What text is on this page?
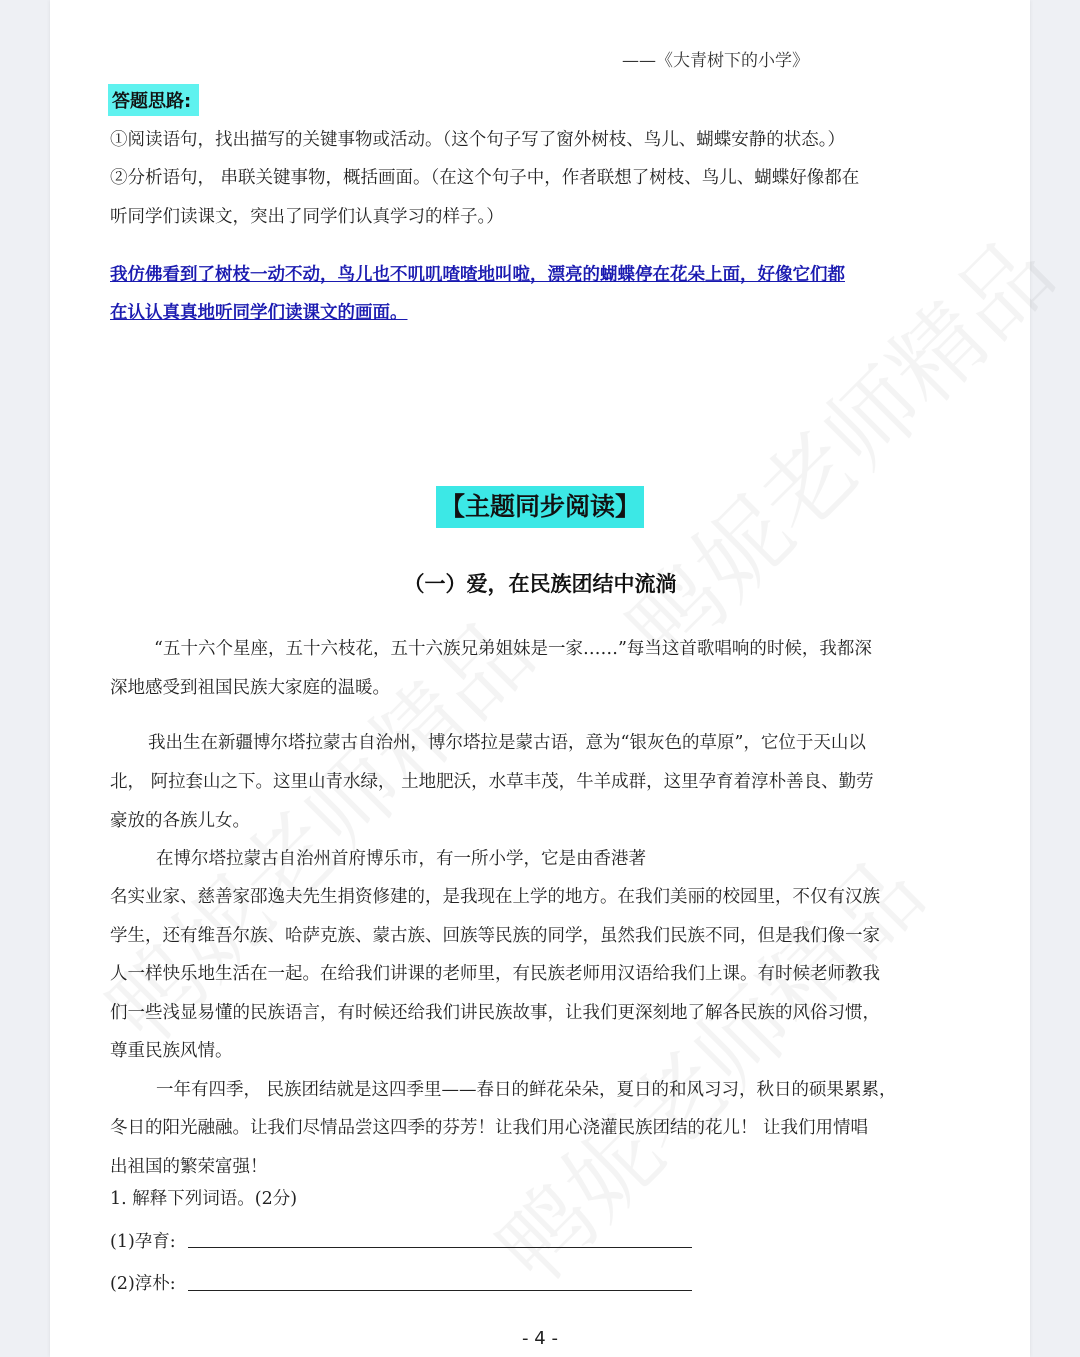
——《大青树下的小学》
答题思路:
①阅读语句，找出描写的关键事物或活动。（这个句子写了窗外树枝、鸟儿、蝴蝶安静的状态。）
②分析语句， 串联关键事物，概括画面。（在这个句子中，作者联想了树枝、鸟儿、蝴蝶好像都在
听同学们读课文，突出了同学们认真学习的样子。）
我仿佛看到了树枝一动不动，鸟儿也不叽叽喳喳地叫啦，漂亮的蝴蝶停在花朵上面，好像它们都
在认认真真地听同学们读课文的画面。
【主题同步阅读】
（一）爱，在民族团结中流淌
“五十六个星座，五十六枝花，五十六族兄弟姐妹是一家……”每当这首歌唱响的时候，我都深
深地感受到祖国民族大家庭的温暖。
我出生在新疆博尔塔拉蒙古自治州，博尔塔拉是蒙古语，意为“银灰色的草原”，它位于天山以
北， 阿拉套山之下。这里山青水绿， 土地肥沃，水草丰茂，牛羊成群，这里孕育着淳朴善良、勤劳
豪放的各族儿女。
在博尔塔拉蒙古自治州首府博乐市，有一所小学，它是由香港著
名实业家、慈善家邵逸夫先生捐资修建的，是我现在上学的地方。在我们美丽的校园里，不仅有汉族
学生，还有维吾尔族、哈萨克族、蒙古族、回族等民族的同学，虽然我们民族不同，但是我们像一家
人一样快乐地生活在一起。在给我们讲课的老师里，有民族老师用汉语给我们上课。有时候老师教我
们一些浅显易懂的民族语言，有时候还给我们讲民族故事，让我们更深刻地了解各民族的风俗习惯，
尊重民族风情。
一年有四季， 民族团结就是这四季里——春日的鲜花朵朵，夏日的和风习习，秋日的硕果累累，
冬日的阳光融融。让我们尽情品尝这四季的芬芳！让我们用心浇灌民族团结的花儿！ 让我们用情唱
出祖国的繁荣富强！
1. 解释下列词语。(2分)
(1)孕育:
(2)淳朴:
- 4 -
